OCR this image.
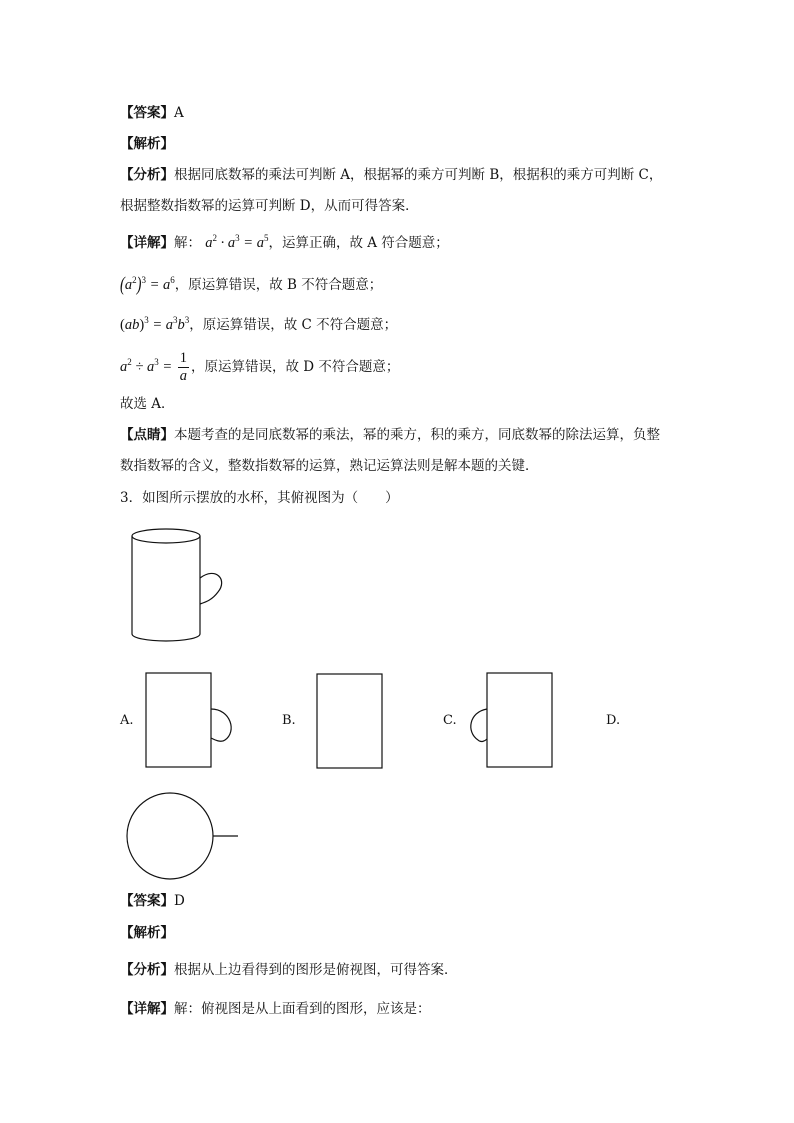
【答案】A
【解析】
【分析】根据同底数幂的乘法可判断 A，根据幂的乘方可判断 B，根据积的乘方可判断 C，
根据整数指数幂的运算可判断 D，从而可得答案．
【详解】解： $a^2 \cdot a^3 = a^5$，运算正确，故 A 符合题意；
$(a^2)^3 = a^6$，原运算错误，故 B 不符合题意；
$(ab)^3 = a^3b^3$，原运算错误，故 C 不符合题意；
$a^2 \div a^3 = \frac{1}{a}$ ，原运算错误，故 D 不符合题意；
故选 A．
【点睛】本题考查的是同底数幂的乘法，幂的乘方，积的乘方，同底数幂的除法运算，负整
数指数幂的含义，整数指数幂的运算，熟记运算法则是解本题的关键．
3．如图所示摆放的水杯，其俯视图为（　　）
A.	B.	C.	D.
【答案】D
【解析】
【分析】根据从上边看得到的图形是俯视图，可得答案．
【详解】解：俯视图是从上面看到的图形，应该是：
